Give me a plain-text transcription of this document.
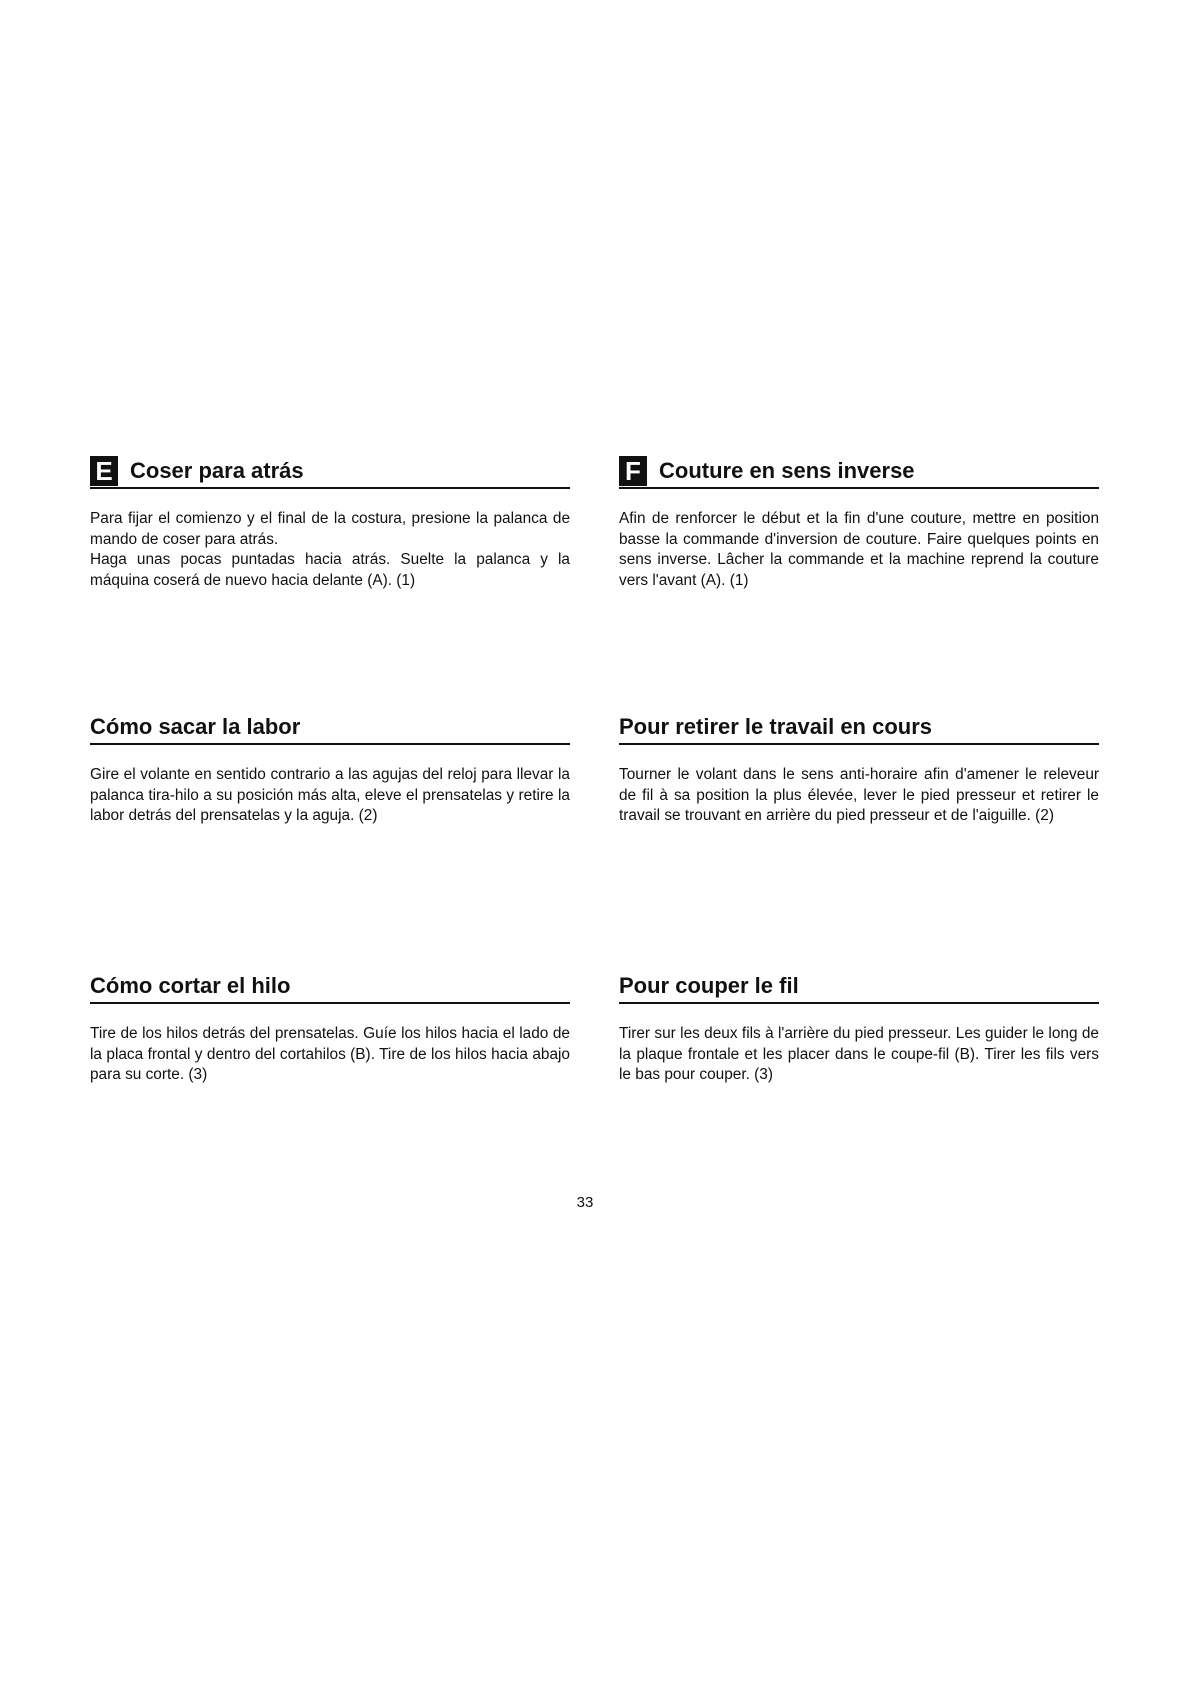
E Coser para atrás

Para fijar el comienzo y el final de la costura, presione la palanca de mando de coser para atrás.

Haga unas pocas puntadas hacia atrás. Suelte la palanca y la máquina coserá de nuevo hacia delante (A). (1)

Cómo sacar la labor

Gire el volante en sentido contrario a las agujas del reloj para llevar la palanca tira-hilo a su posición más alta, eleve el prensatelas y retire la labor detrás del prensatelas y la aguja. (2)

Cómo cortar el hilo

Tire de los hilos detrás del prensatelas. Guíe los hilos hacia el lado de la placa frontal y dentro del cortahilos (B). Tire de los hilos hacia abajo para su corte. (3)

F Couture en sens inverse

Afin de renforcer le début et la fin d'une couture, mettre en position basse la commande d'inversion de couture. Faire quelques points en sens inverse. Lâcher la commande et la machine reprend la couture vers l'avant (A). (1)

Pour retirer le travail en cours

Tourner le volant dans le sens anti-horaire afin d'amener le releveur de fil à sa position la plus élevée, lever le pied presseur et retirer le travail se trouvant en arrière du pied presseur et de l'aiguille. (2)

Pour couper le fil

Tirer sur les deux fils à l'arrière du pied presseur. Les guider le long de la plaque frontale et les placer dans le coupe-fil (B). Tirer les fils vers le bas pour couper. (3)

33
